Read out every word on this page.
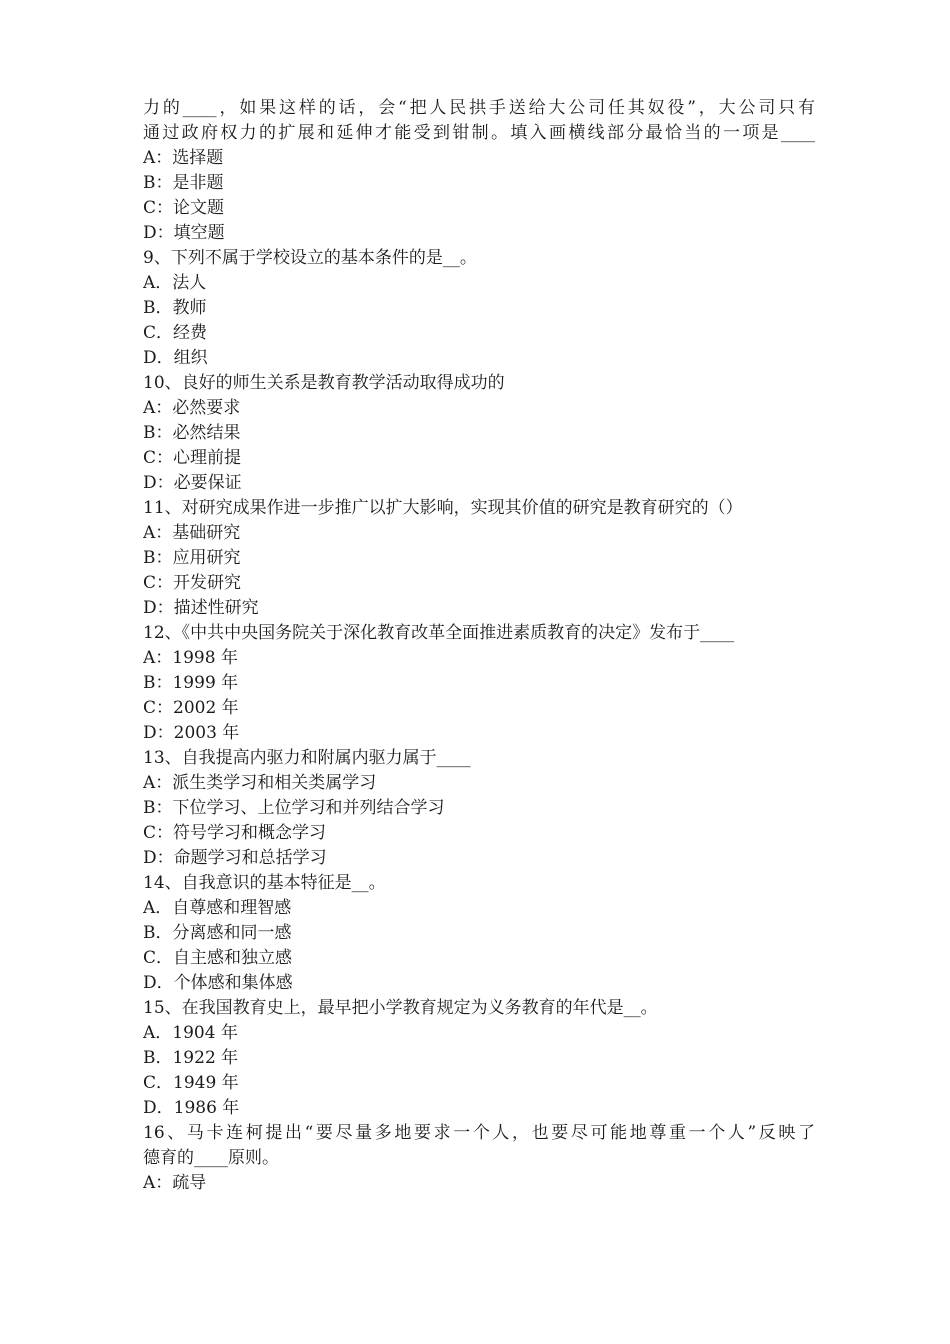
力的____，如果这样的话，会“把人民拱手送给大公司任其奴役”，大公司只有
通过政府权力的扩展和延伸才能受到钳制。填入画横线部分最恰当的一项是____
A：选择题
B：是非题
C：论文题
D：填空题
9、下列不属于学校设立的基本条件的是__。
A．法人
B．教师
C．经费
D．组织
10、良好的师生关系是教育教学活动取得成功的
A：必然要求
B：必然结果
C：心理前提
D：必要保证
11、对研究成果作进一步推广以扩大影响，实现其价值的研究是教育研究的（）
A：基础研究
B：应用研究
C：开发研究
D：描述性研究
12、《中共中央国务院关于深化教育改革全面推进素质教育的决定》发布于____
A：1998 年
B：1999 年
C：2002 年
D：2003 年
13、自我提高内驱力和附属内驱力属于____
A：派生类学习和相关类属学习
B：下位学习、上位学习和并列结合学习
C：符号学习和概念学习
D：命题学习和总括学习
14、自我意识的基本特征是__。
A．自尊感和理智感
B．分离感和同一感
C．自主感和独立感
D．个体感和集体感
15、在我国教育史上，最早把小学教育规定为义务教育的年代是__。
A．1904 年
B．1922 年
C．1949 年
D．1986 年
16、马卡连柯提出“要尽量多地要求一个人，也要尽可能地尊重一个人”反映了
德育的____原则。
A：疏导
